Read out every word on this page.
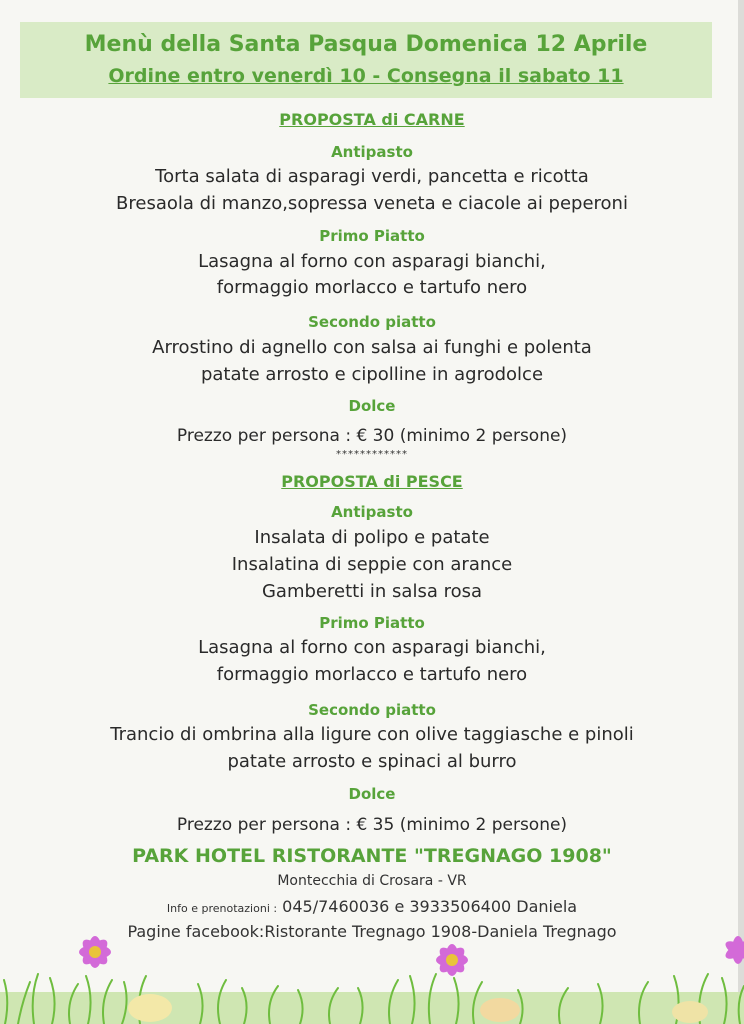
Menù della Santa Pasqua Domenica 12 Aprile
Ordine entro venerdì 10 - Consegna il sabato 11
PROPOSTA di CARNE
Antipasto
Torta salata di asparagi verdi, pancetta e ricotta
Bresaola di manzo,sopressa veneta e ciacole ai peperoni
Primo Piatto
Lasagna al forno con asparagi bianchi,
formaggio morlacco e tartufo nero
Secondo piatto
Arrostino di agnello con salsa ai funghi e polenta
patate arrosto e cipolline in agrodolce
Dolce
Prezzo per persona : € 30 (minimo 2 persone)
************
PROPOSTA di PESCE
Antipasto
Insalata di polipo e patate
Insalatina di seppie con arance
Gamberetti in salsa rosa
Primo Piatto
Lasagna al forno con asparagi bianchi,
formaggio morlacco e tartufo nero
Secondo piatto
Trancio di ombrina alla ligure con olive taggiasche e pinoli
patate arrosto e spinaci al burro
Dolce
Prezzo per persona : € 35 (minimo 2 persone)
PARK HOTEL RISTORANTE "TREGNAGO 1908"
Montecchia di Crosara - VR
Info e prenotazioni : 045/7460036 e 3933506400 Daniela
Pagine facebook:Ristorante Tregnago 1908-Daniela Tregnago
